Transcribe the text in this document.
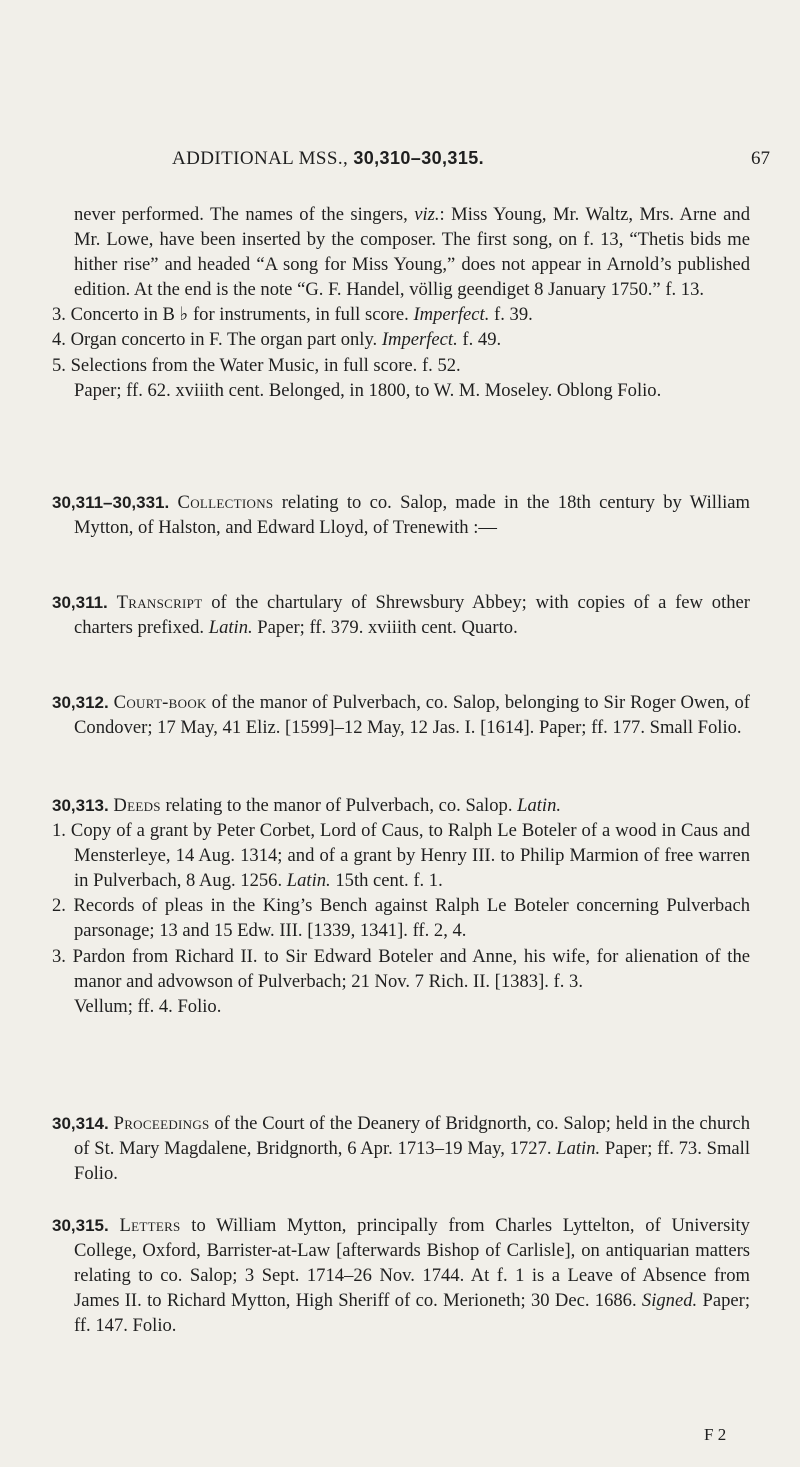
ADDITIONAL MSS., 30,310–30,315.	67

never performed. The names of the singers, viz.: Miss Young, Mr. Waltz, Mrs. Arne and Mr. Lowe, have been inserted by the composer. The first song, on f. 13, “Thetis bids me hither rise” and headed “A song for Miss Young,” does not appear in Arnold’s published edition. At the end is the note “G. F. Handel, völlig geendiget 8 January 1750.” f. 13.

3. Concerto in B ♭ for instruments, in full score. Imperfect. f. 39.

4. Organ concerto in F. The organ part only. Imperfect. f. 49.

5. Selections from the Water Music, in full score. f. 52.

Paper; ff. 62. xviiith cent. Belonged, in 1800, to W. M. Moseley. Oblong Folio.

30,311–30,331. Collections relating to co. Salop, made in the 18th century by William Mytton, of Halston, and Edward Lloyd, of Trenewith :—

30,311. Transcript of the chartulary of Shrewsbury Abbey; with copies of a few other charters prefixed. Latin. Paper; ff. 379. xviiith cent. Quarto.

30,312. Court-book of the manor of Pulverbach, co. Salop, belonging to Sir Roger Owen, of Condover; 17 May, 41 Eliz. [1599]–12 May, 12 Jas. I. [1614]. Paper; ff. 177. Small Folio.

30,313. Deeds relating to the manor of Pulverbach, co. Salop. Latin.

1. Copy of a grant by Peter Corbet, Lord of Caus, to Ralph Le Boteler of a wood in Caus and Mensterleye, 14 Aug. 1314; and of a grant by Henry III. to Philip Marmion of free warren in Pulverbach, 8 Aug. 1256. Latin. 15th cent. f. 1.

2. Records of pleas in the King’s Bench against Ralph Le Boteler concerning Pulverbach parsonage; 13 and 15 Edw. III. [1339, 1341]. ff. 2, 4.

3. Pardon from Richard II. to Sir Edward Boteler and Anne, his wife, for alienation of the manor and advowson of Pulverbach; 21 Nov. 7 Rich. II. [1383]. f. 3.

Vellum; ff. 4. Folio.

30,314. Proceedings of the Court of the Deanery of Bridgnorth, co. Salop; held in the church of St. Mary Magdalene, Bridgnorth, 6 Apr. 1713–19 May, 1727. Latin. Paper; ff. 73. Small Folio.

30,315. Letters to William Mytton, principally from Charles Lyttelton, of University College, Oxford, Barrister-at-Law [afterwards Bishop of Carlisle], on antiquarian matters relating to co. Salop; 3 Sept. 1714–26 Nov. 1744. At f. 1 is a Leave of Absence from James II. to Richard Mytton, High Sheriff of co. Merioneth; 30 Dec. 1686. Signed. Paper; ff. 147. Folio.

F 2
